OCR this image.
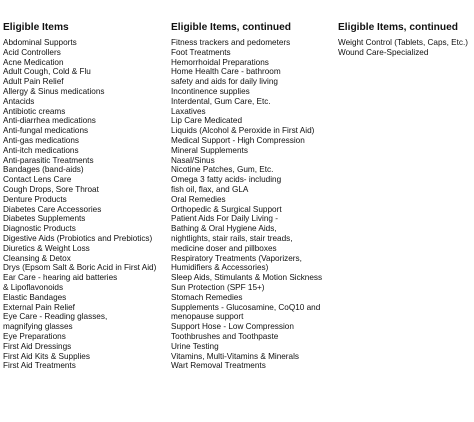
Eligible Items
Abdominal Supports
Acid Controllers
Acne Medication
Adult Cough, Cold & Flu
Adult Pain Relief
Allergy & Sinus medications
Antacids
Antibiotic creams
Anti-diarrhea medications
Anti-fungal medications
Anti-gas medications
Anti-itch medications
Anti-parasitic Treatments
Bandages (band-aids)
Contact Lens Care
Cough Drops, Sore Throat
Denture Products
Diabetes Care Accessories
Diabetes Supplements
Diagnostic Products
Digestive Aids (Probiotics and Prebiotics)
Diuretics & Weight Loss
Cleansing & Detox
Drys (Epsom Salt & Boric Acid in First Aid)
Ear Care - hearing aid batteries
& Lipoflavonoids
Elastic Bandages
External Pain Relief
Eye Care - Reading glasses,
magnifying glasses
Eye Preparations
First Aid Dressings
First Aid Kits & Supplies
First Aid Treatments
Eligible Items, continued
Fitness trackers and pedometers
Foot Treatments
Hemorrhoidal Preparations
Home Health Care - bathroom
safety and aids for daily living
Incontinence supplies
Interdental, Gum Care, Etc.
Laxatives
Lip Care Medicated
Liquids (Alcohol & Peroxide in First Aid)
Medical Support - High Compression
Mineral Supplements
Nasal/Sinus
Nicotine Patches, Gum, Etc.
Omega 3 fatty acids- including
fish oil, flax, and GLA
Oral Remedies
Orthopedic & Surgical Support
Patient Aids For Daily Living -
Bathing & Oral Hygiene Aids,
nightlights, stair rails, stair treads,
medicine doser and pillboxes
Respiratory Treatments (Vaporizers,
Humidifiers & Accessories)
Sleep Aids, Stimulants & Motion Sickness
Sun Protection (SPF 15+)
Stomach Remedies
Supplements - Glucosamine, CoQ10 and
menopause support
Support Hose - Low Compression
Toothbrushes and Toothpaste
Urine Testing
Vitamins, Multi-Vitamins & Minerals
Wart Removal Treatments
Eligible Items, continued
Weight Control (Tablets, Caps, Etc.)
Wound Care-Specialized
